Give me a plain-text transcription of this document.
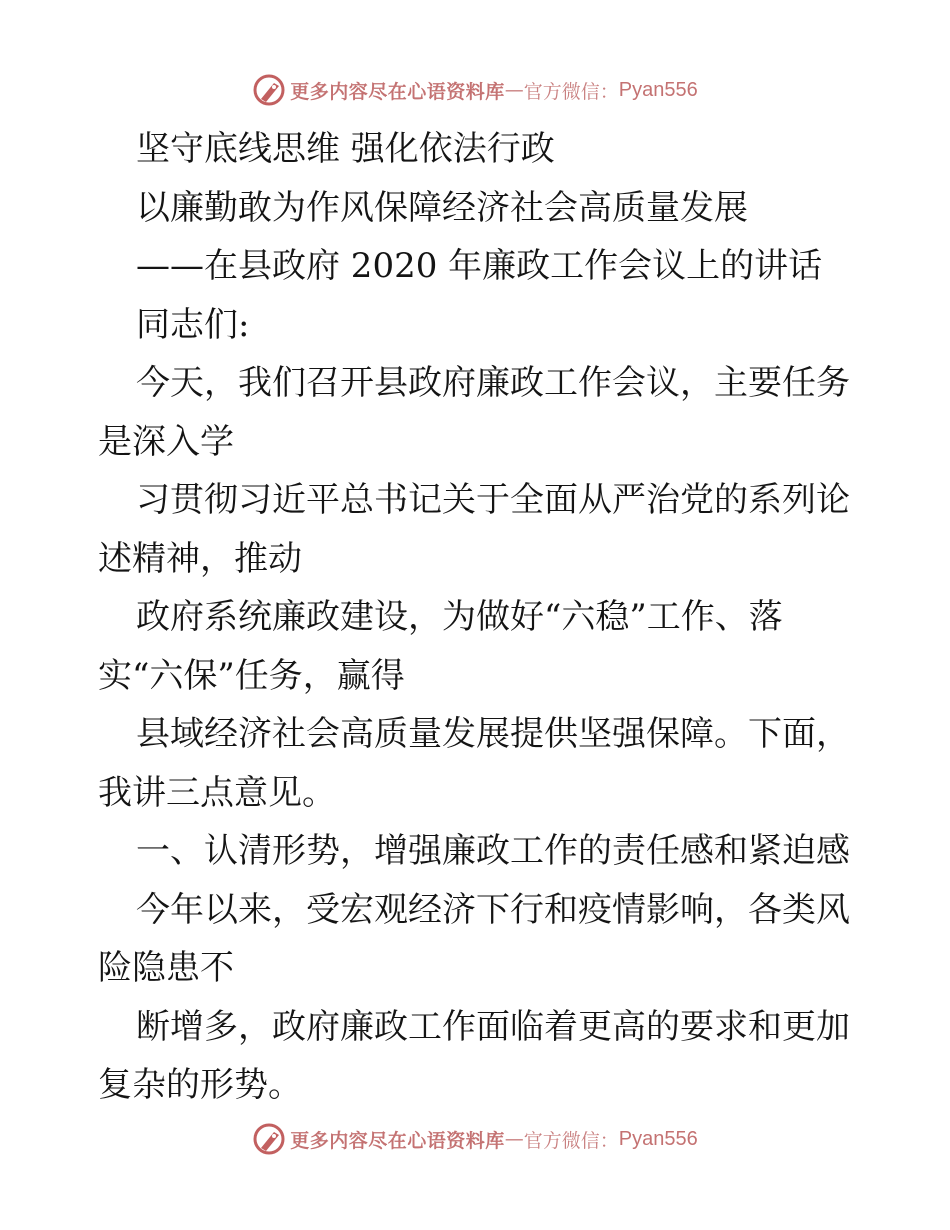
更多内容尽在心语资料库 — 官方微信： Pyan556

坚守底线思维 强化依法行政

以廉勤敢为作风保障经济社会高质量发展

——在县政府 2020 年廉政工作会议上的讲话

同志们:

今天，我们召开县政府廉政工作会议，主要任务

是深入学

习贯彻习近平总书记关于全面从严治党的系列论

述精神，推动

政府系统廉政建设，为做好“六稳”工作、落

实“六保”任务，赢得

县域经济社会高质量发展提供坚强保障。下面，

我讲三点意见。

一、认清形势，增强廉政工作的责任感和紧迫感

今年以来，受宏观经济下行和疫情影响，各类风

险隐患不

断增多，政府廉政工作面临着更高的要求和更加

复杂的形势。

更多内容尽在心语资料库 — 官方微信： Pyan556
